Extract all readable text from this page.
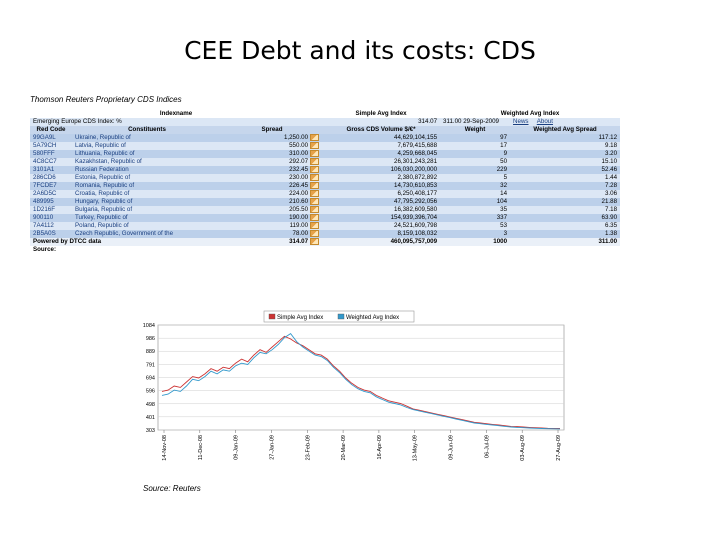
CEE Debt and its costs: CDS
Thomson Reuters Proprietary CDS Indices
Indexname			Simple Avg Index	Weighted Avg Index	
Emerging Europe CDS Index: %			314.07	311.00 29-Sep-2009	News About
Red Code	Constituents	Spread	Gross CDS Volume $/€*	Weight	Weighted Avg Spread
99GA9L	Ukraine, Republic of	1,250.00	44,629,104,155	97	117.12
5A79CH	Latvia, Republic of	550.00	7,679,415,688	17	9.18
580FFF	Lithuania, Republic of	310.00	4,259,668,045	9	3.20
4C8CC7	Kazakhstan, Republic of	292.07	26,301,243,281	50	15.10
3101A1	Russian Federation	232.45	106,030,200,000	229	52.46
286CD6	Estonia, Republic of	230.00	2,380,872,892	5	1.44
7FCDE7	Romania, Republic of	226.45	14,730,610,853	32	7.28
2A6D5C	Croatia, Republic of	224.00	6,250,408,177	14	3.06
489995	Hungary, Republic of	210.60	47,795,292,056	104	21.88
1D216F	Bulgaria, Republic of	205.50	16,382,609,580	35	7.18
900110	Turkey, Republic of	190.00	154,939,396,704	337	63.90
7A4112	Poland, Republic of	119.00	24,521,609,798	53	6.35
2B5A0S	Czech Republic, Government of the	78.00	8,159,108,032	3	1.38
Powered by DTCC data		314.07	460,095,757,009	1000	311.00
Source:					
Simple Avg Index	Weighted Avg Index
1084
986
889
791
694
596
498
401
303
14-Nov-08	11-Dec-08	09-Jan-09	27-Jan-09	23-Feb-09	20-Mar-09	16-Apr-09	13-May-09	09-Jun-09	06-Jul-09	03-Aug-09	27-Aug-09
Source: Reuters
